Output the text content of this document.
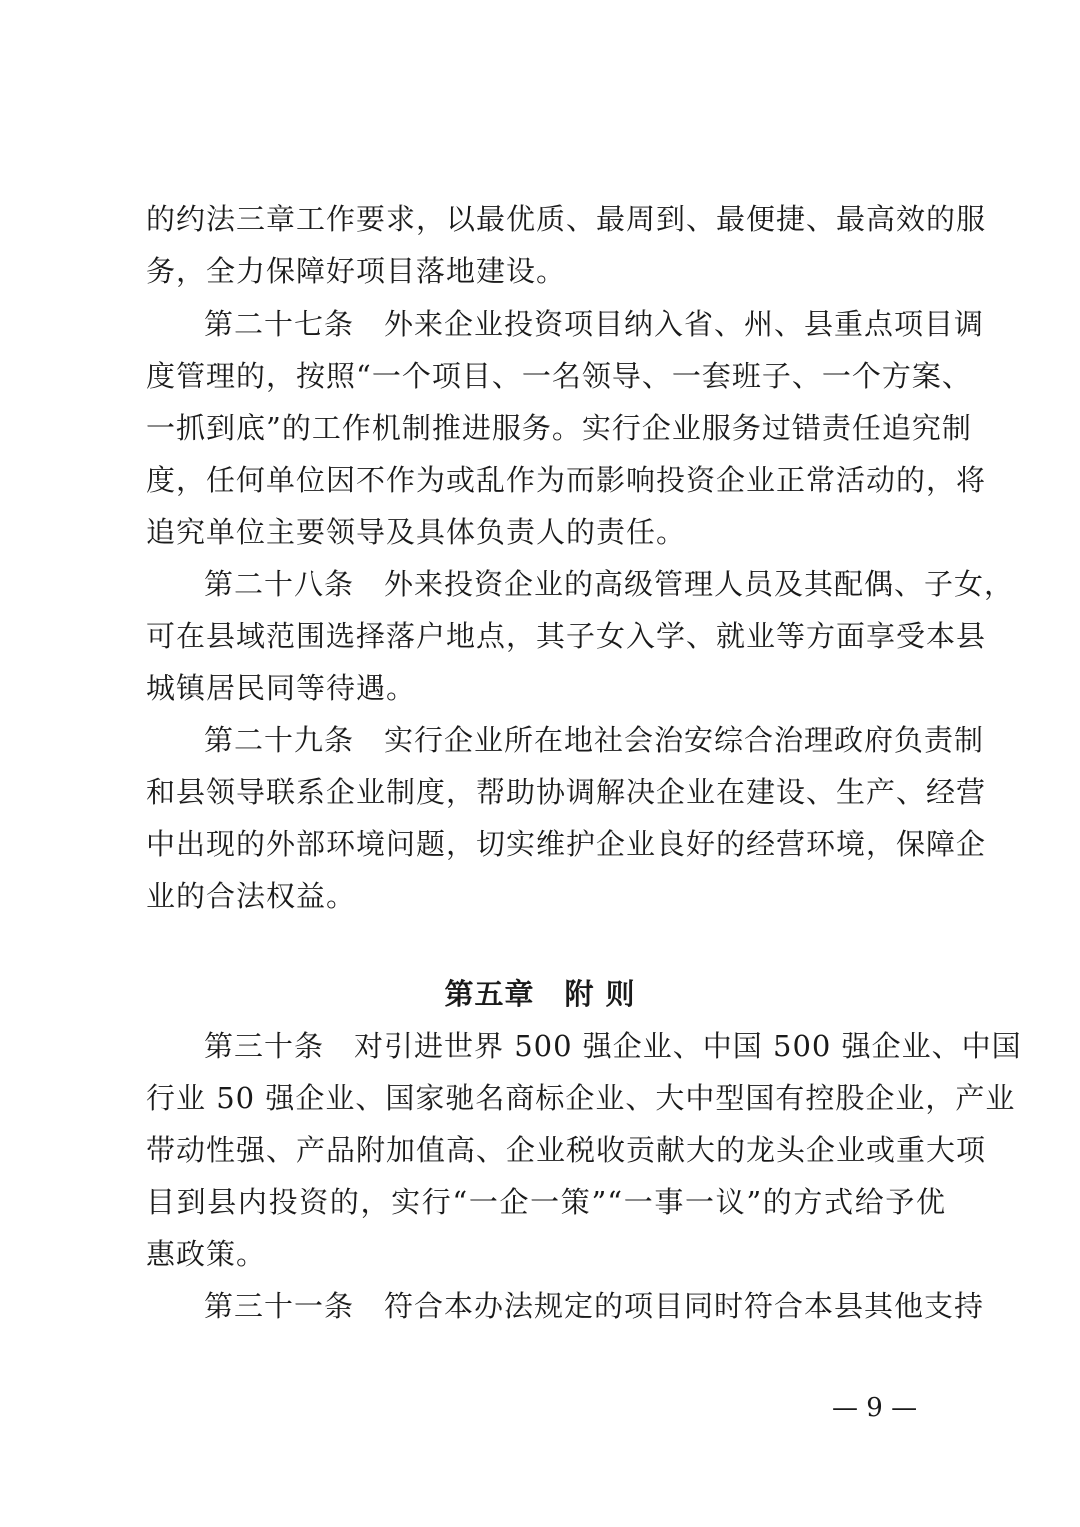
的约法三章工作要求，以最优质、最周到、最便捷、最高效的服
务，全力保障好项目落地建设。
第二十七条　外来企业投资项目纳入省、州、县重点项目调
度管理的，按照“一个项目、一名领导、一套班子、一个方案、
一抓到底”的工作机制推进服务。实行企业服务过错责任追究制
度，任何单位因不作为或乱作为而影响投资企业正常活动的，将
追究单位主要领导及具体负责人的责任。
第二十八条　外来投资企业的高级管理人员及其配偶、子女，
可在县域范围选择落户地点，其子女入学、就业等方面享受本县
城镇居民同等待遇。
第二十九条　实行企业所在地社会治安综合治理政府负责制
和县领导联系企业制度，帮助协调解决企业在建设、生产、经营
中出现的外部环境问题，切实维护企业良好的经营环境，保障企
业的合法权益。
第五章　附 则
第三十条　对引进世界 500 强企业、中国 500 强企业、中国
行业 50 强企业、国家驰名商标企业、大中型国有控股企业，产业
带动性强、产品附加值高、企业税收贡献大的龙头企业或重大项
目到县内投资的，实行“一企一策”“一事一议”的方式给予优
惠政策。
第三十一条　符合本办法规定的项目同时符合本县其他支持
— 9 —
